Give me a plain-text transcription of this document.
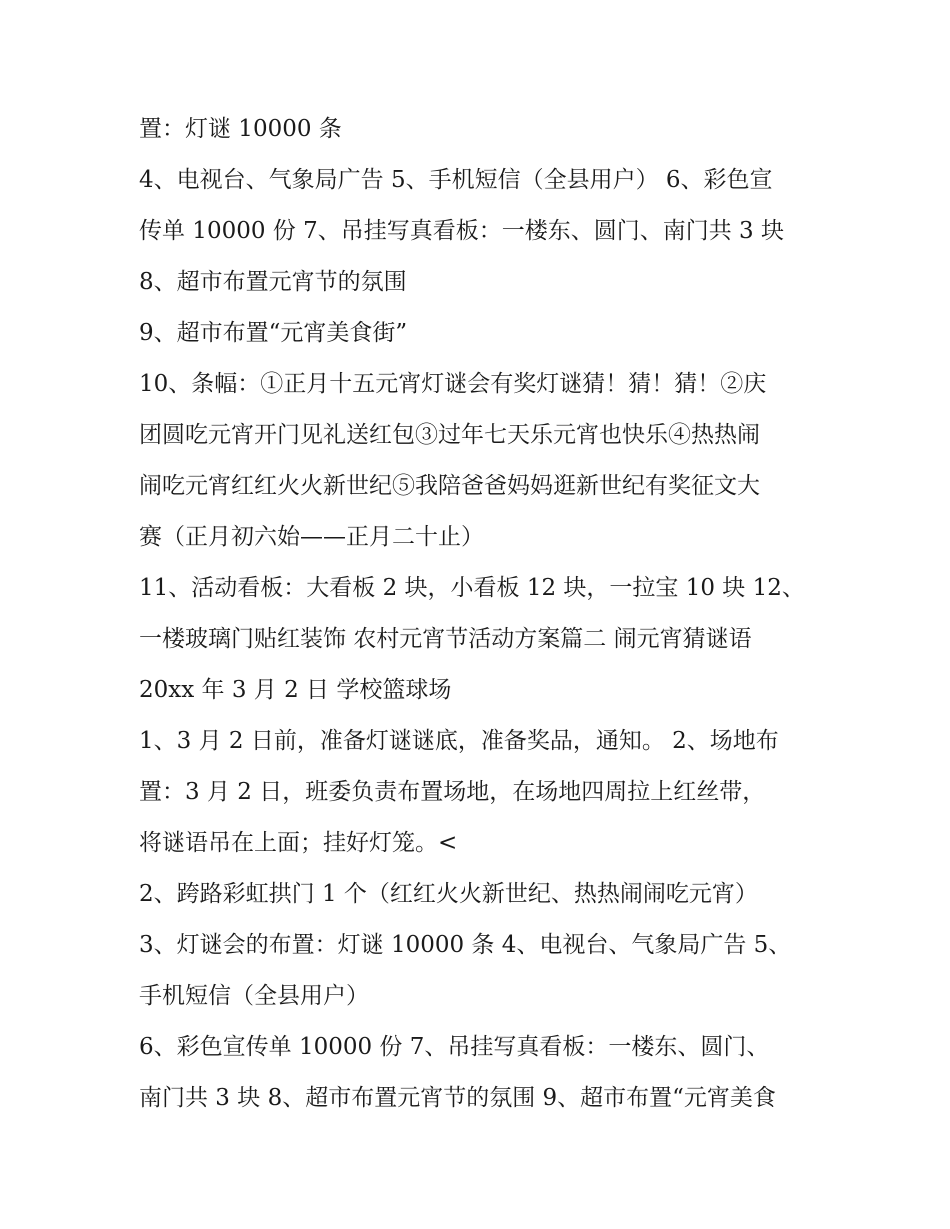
置：灯谜 10000 条
4、电视台、气象局广告 5、手机短信（全县用户） 6、彩色宣
传单 10000 份 7、吊挂写真看板：一楼东、圆门、南门共 3 块
8、超市布置元宵节的氛围
9、超市布置“元宵美食街”
10、条幅：①正月十五元宵灯谜会有奖灯谜猜！猜！猜！②庆
团圆吃元宵开门见礼送红包③过年七天乐元宵也快乐④热热闹
闹吃元宵红红火火新世纪⑤我陪爸爸妈妈逛新世纪有奖征文大
赛（正月初六始——正月二十止）
11、活动看板：大看板 2 块，小看板 12 块，一拉宝 10 块 12、
一楼玻璃门贴红装饰 农村元宵节活动方案篇二 闹元宵猜谜语
20xx 年 3 月 2 日 学校篮球场
1、3 月 2 日前，准备灯谜谜底，准备奖品，通知。 2、场地布
置：3 月 2 日，班委负责布置场地，在场地四周拉上红丝带，
将谜语吊在上面；挂好灯笼。<
2、跨路彩虹拱门 1 个（红红火火新世纪、热热闹闹吃元宵）
3、灯谜会的布置：灯谜 10000 条 4、电视台、气象局广告 5、
手机短信（全县用户）
6、彩色宣传单 10000 份 7、吊挂写真看板：一楼东、圆门、
南门共 3 块 8、超市布置元宵节的氛围 9、超市布置“元宵美食
